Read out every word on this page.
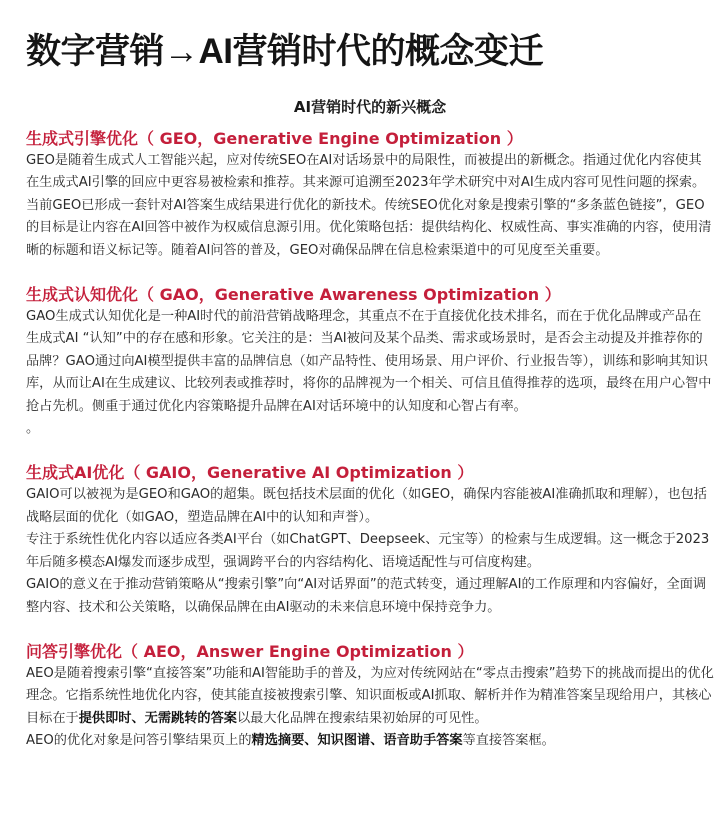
数字营销→AI营销时代的概念变迁
AI营销时代的新兴概念
生成式引擎优化（ GEO，Generative Engine Optimization ）

GEO是随着生成式人工智能兴起，应对传统SEO在AI对话场景中的局限性，而被提出的新概念。指通过优化内容使其在生成式AI引擎的回应中更容易被检索和推荐。其来源可追溯至2023年学术研究中对AI生成内容可见性问题的探索。

当前GEO已形成一套针对AI答案生成结果进行优化的新技术。传统SEO优化对象是搜索引擎的“多条蓝色链接”，GEO的目标是让内容在AI回答中被作为权威信息源引用。优化策略包括：提供结构化、权威性高、事实准确的内容，使用清晰的标题和语义标记等。随着AI问答的普及，GEO对确保品牌在信息检索渠道中的可见度至关重要。

生成式认知优化（ GAO，Generative Awareness Optimization ）

GAO生成式认知优化是一种AI时代的前沿营销战略理念，其重点不在于直接优化技术排名，而在于优化品牌或产品在生成式AI “认知”中的存在感和形象。它关注的是：当AI被问及某个品类、需求或场景时，是否会主动提及并推荐你的品牌？GAO通过向AI模型提供丰富的品牌信息（如产品特性、使用场景、用户评价、行业报告等），训练和影响其知识库，从而让AI在生成建议、比较列表或推荐时，将你的品牌视为一个相关、可信且值得推荐的选项，最终在用户心智中抢占先机。侧重于通过优化内容策略提升品牌在AI对话环境中的认知度和心智占有率。

。

生成式AI优化（ GAIO，Generative AI Optimization ）

GAIO可以被视为是GEO和GAO的超集。既包括技术层面的优化（如GEO，确保内容能被AI准确抓取和理解），也包括战略层面的优化（如GAO，塑造品牌在AI中的认知和声誉）。

专注于系统性优化内容以适应各类AI平台（如ChatGPT、Deepseek、元宝等）的检索与生成逻辑。这一概念于2023年后随多模态AI爆发而逐步成型，强调跨平台的内容结构化、语境适配性与可信度构建。

GAIO的意义在于推动营销策略从“搜索引擎”向“AI对话界面”的范式转变，通过理解AI的工作原理和内容偏好，全面调整内容、技术和公关策略，以确保品牌在由AI驱动的未来信息环境中保持竞争力。

问答引擎优化（ AEO，Answer Engine Optimization ）

AEO是随着搜索引擎“直接答案”功能和AI智能助手的普及，为应对传统网站在“零点击搜索”趋势下的挑战而提出的优化理念。它指系统性地优化内容，使其能直接被搜索引擎、知识面板或AI抓取、解析并作为精准答案呈现给用户，其核心目标在于提供即时、无需跳转的答案以最大化品牌在搜索结果初始屏的可见性。

AEO的优化对象是问答引擎结果页上的精选摘要、知识图谱、语音助手答案等直接答案框。
